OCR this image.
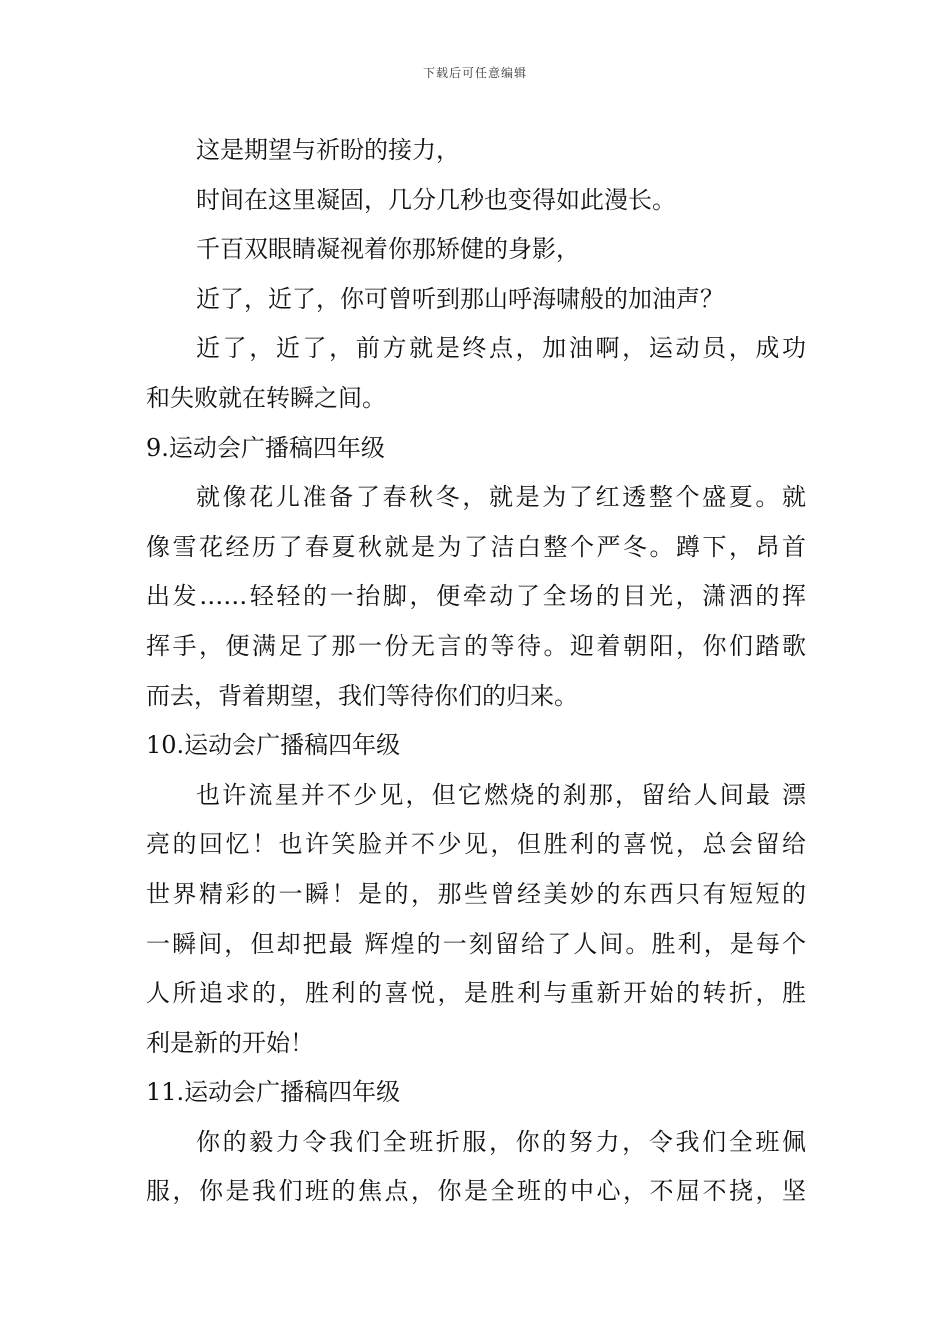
下载后可任意编辑
这是期望与祈盼的接力，
时间在这里凝固，几分几秒也变得如此漫长。
千百双眼睛凝视着你那矫健的身影，
近了，近了，你可曾听到那山呼海啸般的加油声？
近了，近了，前方就是终点，加油啊，运动员，成功
和失败就在转瞬之间。
9.运动会广播稿四年级
就像花儿准备了春秋冬，就是为了红透整个盛夏。就
像雪花经历了春夏秋就是为了洁白整个严冬。蹲下，昂首
出发……轻轻的一抬脚，便牵动了全场的目光，潇洒的挥
挥手，便满足了那一份无言的等待。迎着朝阳，你们踏歌
而去，背着期望，我们等待你们的归来。
10.运动会广播稿四年级
也许流星并不少见，但它燃烧的刹那，留给人间最 漂
亮的回忆！也许笑脸并不少见，但胜利的喜悦，总会留给
世界精彩的一瞬！是的，那些曾经美妙的东西只有短短的
一瞬间，但却把最 辉煌的一刻留给了人间。胜利，是每个
人所追求的，胜利的喜悦，是胜利与重新开始的转折，胜
利是新的开始！
11.运动会广播稿四年级
你的毅力令我们全班折服，你的努力，令我们全班佩
服，你是我们班的焦点，你是全班的中心，不屈不挠，坚
